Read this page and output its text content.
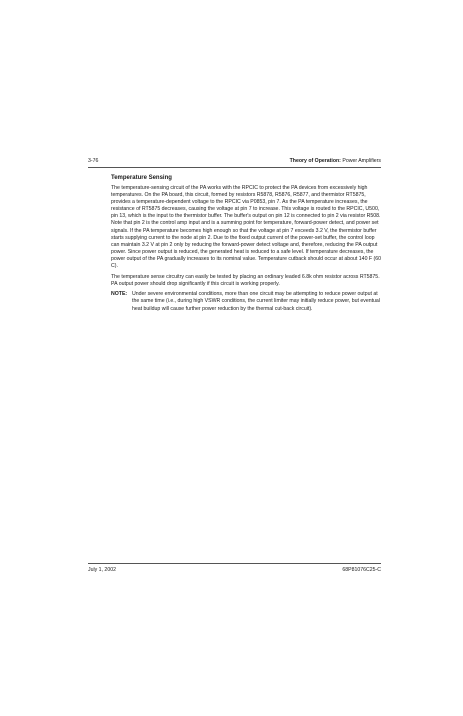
3-76	Theory of Operation: Power Amplifiers
Temperature Sensing

The temperature-sensing circuit of the PA works with the RPCIC to protect the PA devices from excessively high temperatures. On the PA board, this circuit, formed by resistors R5878, R5876, R5877, and thermistor RT5875, provides a temperature-dependent voltage to the RPCIC via P0853, pin 7. As the PA temperature increases, the resistance of RT5875 decreases, causing the voltage at pin 7 to increase. This voltage is routed to the RPCIC, U500, pin 13, which is the input to the thermistor buffer. The buffer's output on pin 12 is connected to pin 2 via resistor R508. Note that pin 2 is the control amp input and is a summing point for temperature, forward-power detect, and power set signals. If the PA temperature becomes high enough so that the voltage at pin 7 exceeds 3.2 V, the thermistor buffer starts supplying current to the node at pin 2. Due to the fixed output current of the power-set buffer, the control loop can maintain 3.2 V at pin 2 only by reducing the forward-power detect voltage and, therefore, reducing the PA output power. Since power output is reduced, the generated heat is reduced to a safe level. If temperature decreases, the power output of the PA gradually increases to its nominal value. Temperature cutback should occur at about 140 F (60 C).

The temperature sense circuitry can easily be tested by placing an ordinary leaded 6.8k ohm resistor across RT5875. PA output power should drop significantly if this circuit is working properly.

NOTE: Under severe environmental conditions, more than one circuit may be attempting to reduce power output at the same time (i.e., during high VSWR conditions, the current limiter may initially reduce power, but eventual heat buildup will cause further power reduction by the thermal cut-back circuit).
July 1, 2002	68P81076C25-C
